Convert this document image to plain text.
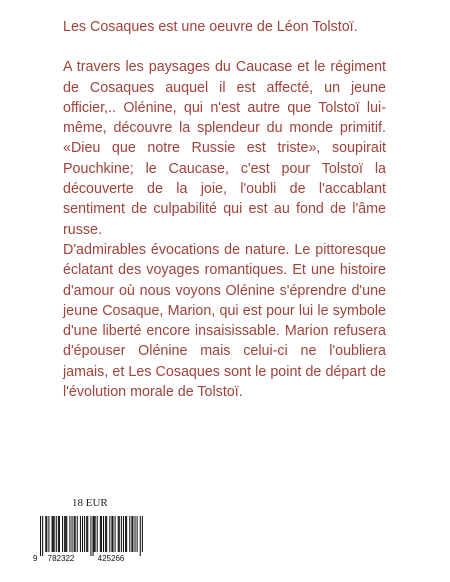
Les Cosaques est une oeuvre de Léon Tolstoï.

A travers les paysages du Caucase et le régiment de Cosaques auquel il est affecté, un jeune officier,.. Olénine, qui n'est autre que Tolstoï lui-même, découvre la splendeur du monde primitif. «Dieu que notre Russie est triste», soupirait Pouchkine; le Caucase, c'est pour Tolstoï la découverte de la joie, l'oubli de l'accablant sentiment de culpabilité qui est au fond de l'âme russe.

D'admirables évocations de nature. Le pittoresque éclatant des voyages romantiques. Et une histoire d'amour où nous voyons Olénine s'éprendre d'une jeune Cosaque, Marion, qui est pour lui le symbole d'une liberté encore insaisissable. Marion refusera d'épouser Olénine mais celui-ci ne l'oubliera jamais, et Les Cosaques sont le point de départ de l'évolution morale de Tolstoï.

18 EUR
9 782322	425266
